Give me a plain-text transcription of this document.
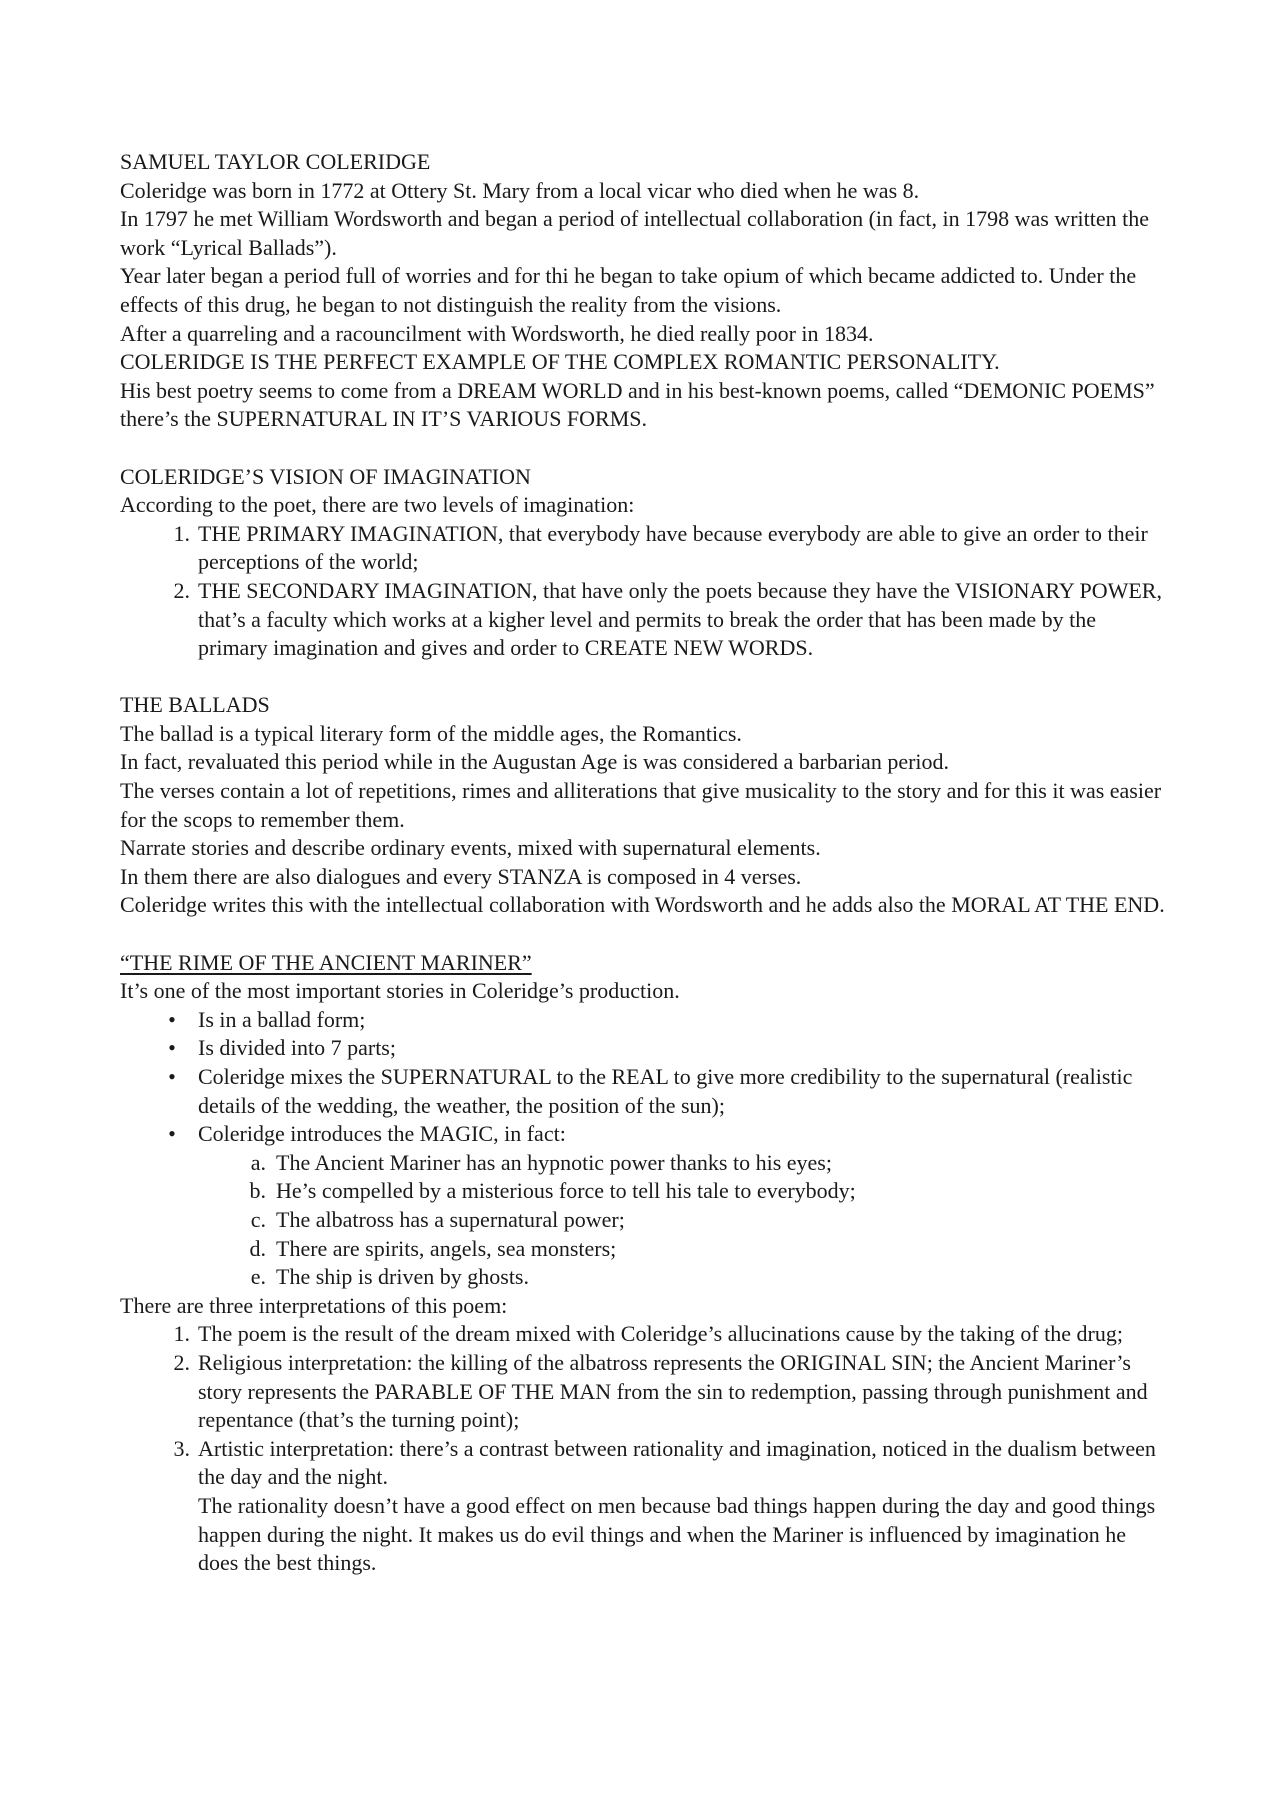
SAMUEL TAYLOR COLERIDGE

Coleridge was born in 1772 at Ottery St. Mary from a local vicar who died when he was 8.

In 1797 he met William Wordsworth and began a period of intellectual collaboration (in fact, in 1798 was written the work “Lyrical Ballads”).

Year later began a period full of worries and for thi he began to take opium of which became addicted to. Under the effects of this drug, he began to not distinguish the reality from the visions.

After a quarreling and a racouncilment with Wordsworth, he died really poor in 1834.

COLERIDGE IS THE PERFECT EXAMPLE OF THE COMPLEX ROMANTIC PERSONALITY.

His best poetry seems to come from a DREAM WORLD and in his best-known poems, called “DEMONIC POEMS” there’s the SUPERNATURAL IN IT’S VARIOUS FORMS.

COLERIDGE’S VISION OF IMAGINATION

According to the poet, there are two levels of imagination:

1. THE PRIMARY IMAGINATION, that everybody have because everybody are able to give an order to their perceptions of the world;
2. THE SECONDARY IMAGINATION, that have only the poets because they have the VISIONARY POWER, that’s a faculty which works at a kigher level and permits to break the order that has been made by the primary imagination and gives and order to CREATE NEW WORDS.

THE BALLADS

The ballad is a typical literary form of the middle ages, the Romantics.

In fact, revaluated this period while in the Augustan Age is was considered a barbarian period.

The verses contain a lot of repetitions, rimes and alliterations that give musicality to the story and for this it was easier for the scops to remember them.

Narrate stories and describe ordinary events, mixed with supernatural elements.

In them there are also dialogues and every STANZA is composed in 4 verses.

Coleridge writes this with the intellectual collaboration with Wordsworth and he adds also the MORAL AT THE END.

“THE RIME OF THE ANCIENT MARINER”

It’s one of the most important stories in Coleridge’s production.

• Is in a ballad form;
• Is divided into 7 parts;
• Coleridge mixes the SUPERNATURAL to the REAL to give more credibility to the supernatural (realistic details of the wedding, the weather, the position of the sun);
• Coleridge introduces the MAGIC, in fact:
a. The Ancient Mariner has an hypnotic power thanks to his eyes;
b. He’s compelled by a misterious force to tell his tale to everybody;
c. The albatross has a supernatural power;
d. There are spirits, angels, sea monsters;
e. The ship is driven by ghosts.

There are three interpretations of this poem:

1. The poem is the result of the dream mixed with Coleridge’s allucinations cause by the taking of the drug;
2. Religious interpretation: the killing of the albatross represents the ORIGINAL SIN; the Ancient Mariner’s story represents the PARABLE OF THE MAN from the sin to redemption, passing through punishment and repentance (that’s the turning point);
3. Artistic interpretation: there’s a contrast between rationality and imagination, noticed in the dualism between the day and the night.
The rationality doesn’t have a good effect on men because bad things happen during the day and good things happen during the night. It makes us do evil things and when the Mariner is influenced by imagination he does the best things.
